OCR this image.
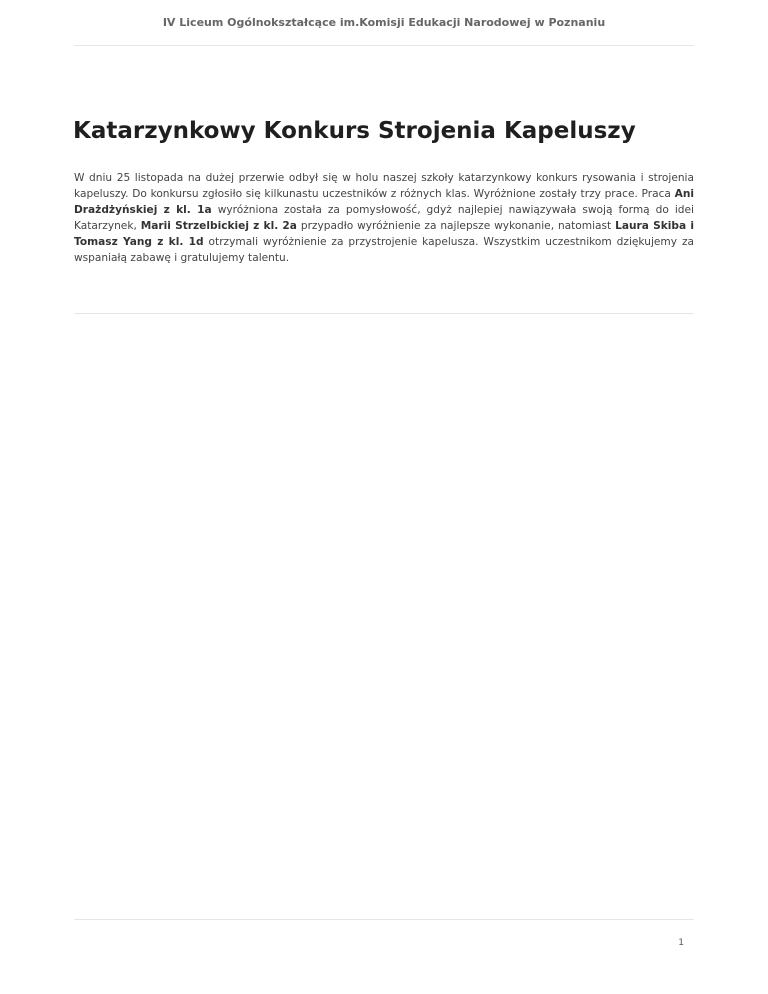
IV Liceum Ogólnokształcące im.Komisji Edukacji Narodowej w Poznaniu
Katarzynkowy Konkurs Strojenia Kapeluszy

W dniu 25 listopada na dużej przerwie odbył się w holu naszej szkoły katarzynkowy konkurs rysowania i strojenia kapeluszy. Do konkursu zgłosiło się kilkunastu uczestników z różnych klas. Wyróżnione zostały trzy prace. Praca Ani Drażdżyńskiej z kl. 1a wyróżniona została za pomysłowość, gdyż najlepiej nawiązywała swoją formą do idei Katarzynek, Marii Strzelbickiej z kl. 2a przypadło wyróżnienie za najlepsze wykonanie, natomiast Laura Skiba i Tomasz Yang z kl. 1d otrzymali wyróżnienie za przystrojenie kapelusza. Wszystkim uczestnikom dziękujemy za wspaniałą zabawę i gratulujemy talentu.

1
